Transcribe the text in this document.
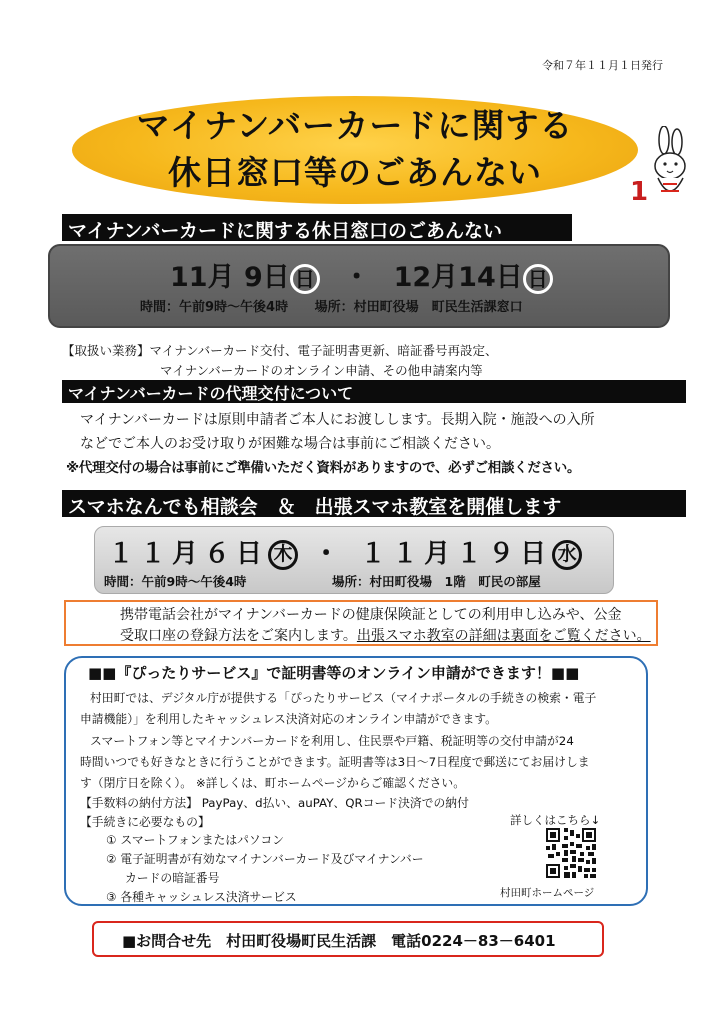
令和７年１１月１日発行
マイナンバーカードに関する
休日窓口等のごあんない	1
マイナンバーカードに関する休日窓口のごあんない
11月 9日 日 ・ 12月14日 日
時間：午前9時～午後4時 場所：村田町役場　町民生活課窓口
【取扱い業務】マイナンバーカード交付、電子証明書更新、暗証番号再設定、
マイナンバーカードのオンライン申請、その他申請案内等
マイナンバーカードの代理交付について
マイナンバーカードは原則申請者ご本人にお渡しします。長期入院・施設への入所
などでご本人のお受け取りが困難な場合は事前にご相談ください。
※代理交付の場合は事前にご準備いただく資料がありますので、必ずご相談ください。
スマホなんでも相談会　＆　出張スマホ教室を開催します
１１月６日 木 ・ １１月１９日 水
時間：午前9時～午後4時	場所：村田町役場　1階　町民の部屋
携帯電話会社がマイナンバーカードの健康保険証としての利用申し込みや、公金
受取口座の登録方法をご案内します。出張スマホ教室の詳細は裏面をご覧ください。
■■『ぴったりサービス』で証明書等のオンライン申請ができます！■■
村田町では、デジタル庁が提供する「ぴったりサービス（マイナポータルの手続きの検索・電子
申請機能）」を利用したキャッシュレス決済対応のオンライン申請ができます。
スマートフォン等とマイナンバーカードを利用し、住民票や戸籍、税証明等の交付申請が24
時間いつでも好きなときに行うことができます。証明書等は3日～7日程度で郵送にてお届けしま
す（閉庁日を除く）。 ※詳しくは、町ホームページからご確認ください。
【手数料の納付方法】 PayPay、d払い、auPAY、QRコード決済での納付
【手続きに必要なもの】
① スマートフォンまたはパソコン
② 電子証明書が有効なマイナンバーカード及びマイナンバー
カードの暗証番号
③ 各種キャッシュレス決済サービス
詳しくはこちら↓
村田町ホームページ
■お問合せ先　村田町役場町民生活課　電話0224－83－6401
